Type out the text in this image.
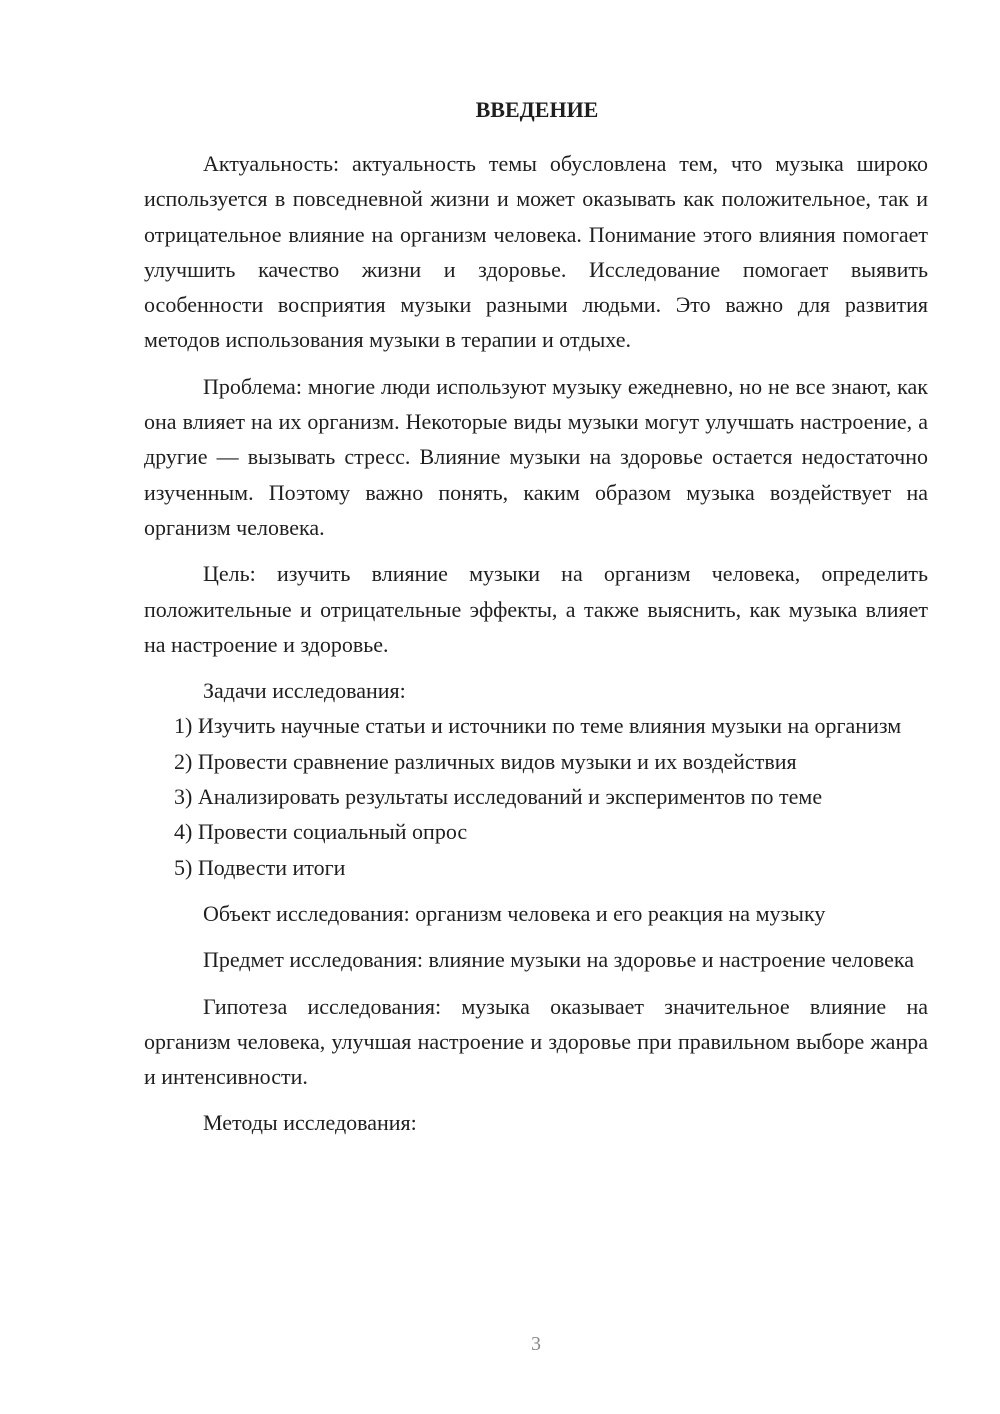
ВВЕДЕНИЕ

Актуальность: актуальность темы обусловлена тем, что музыка широко используется в повседневной жизни и может оказывать как положительное, так и отрицательное влияние на организм человека. Понимание этого влияния помогает улучшить качество жизни и здоровье. Исследование помогает выявить особенности восприятия музыки разными людьми. Это важно для развития методов использования музыки в терапии и отдыхе.

Проблема: многие люди используют музыку ежедневно, но не все знают, как она влияет на их организм. Некоторые виды музыки могут улучшать настроение, а другие — вызывать стресс. Влияние музыки на здоровье остается недостаточно изученным. Поэтому важно понять, каким образом музыка воздействует на организм человека.

Цель: изучить влияние музыки на организм человека, определить положительные и отрицательные эффекты, а также выяснить, как музыка влияет на настроение и здоровье.

Задачи исследования:

1) Изучить научные статьи и источники по теме влияния музыки на организм

2) Провести сравнение различных видов музыки и их воздействия

3) Анализировать результаты исследований и экспериментов по теме

4) Провести социальный опрос

5) Подвести итоги

Объект исследования: организм человека и его реакция на музыку

Предмет исследования: влияние музыки на здоровье и настроение человека

Гипотеза исследования: музыка оказывает значительное влияние на организм человека, улучшая настроение и здоровье при правильном выборе жанра и интенсивности.

Методы исследования:

3
